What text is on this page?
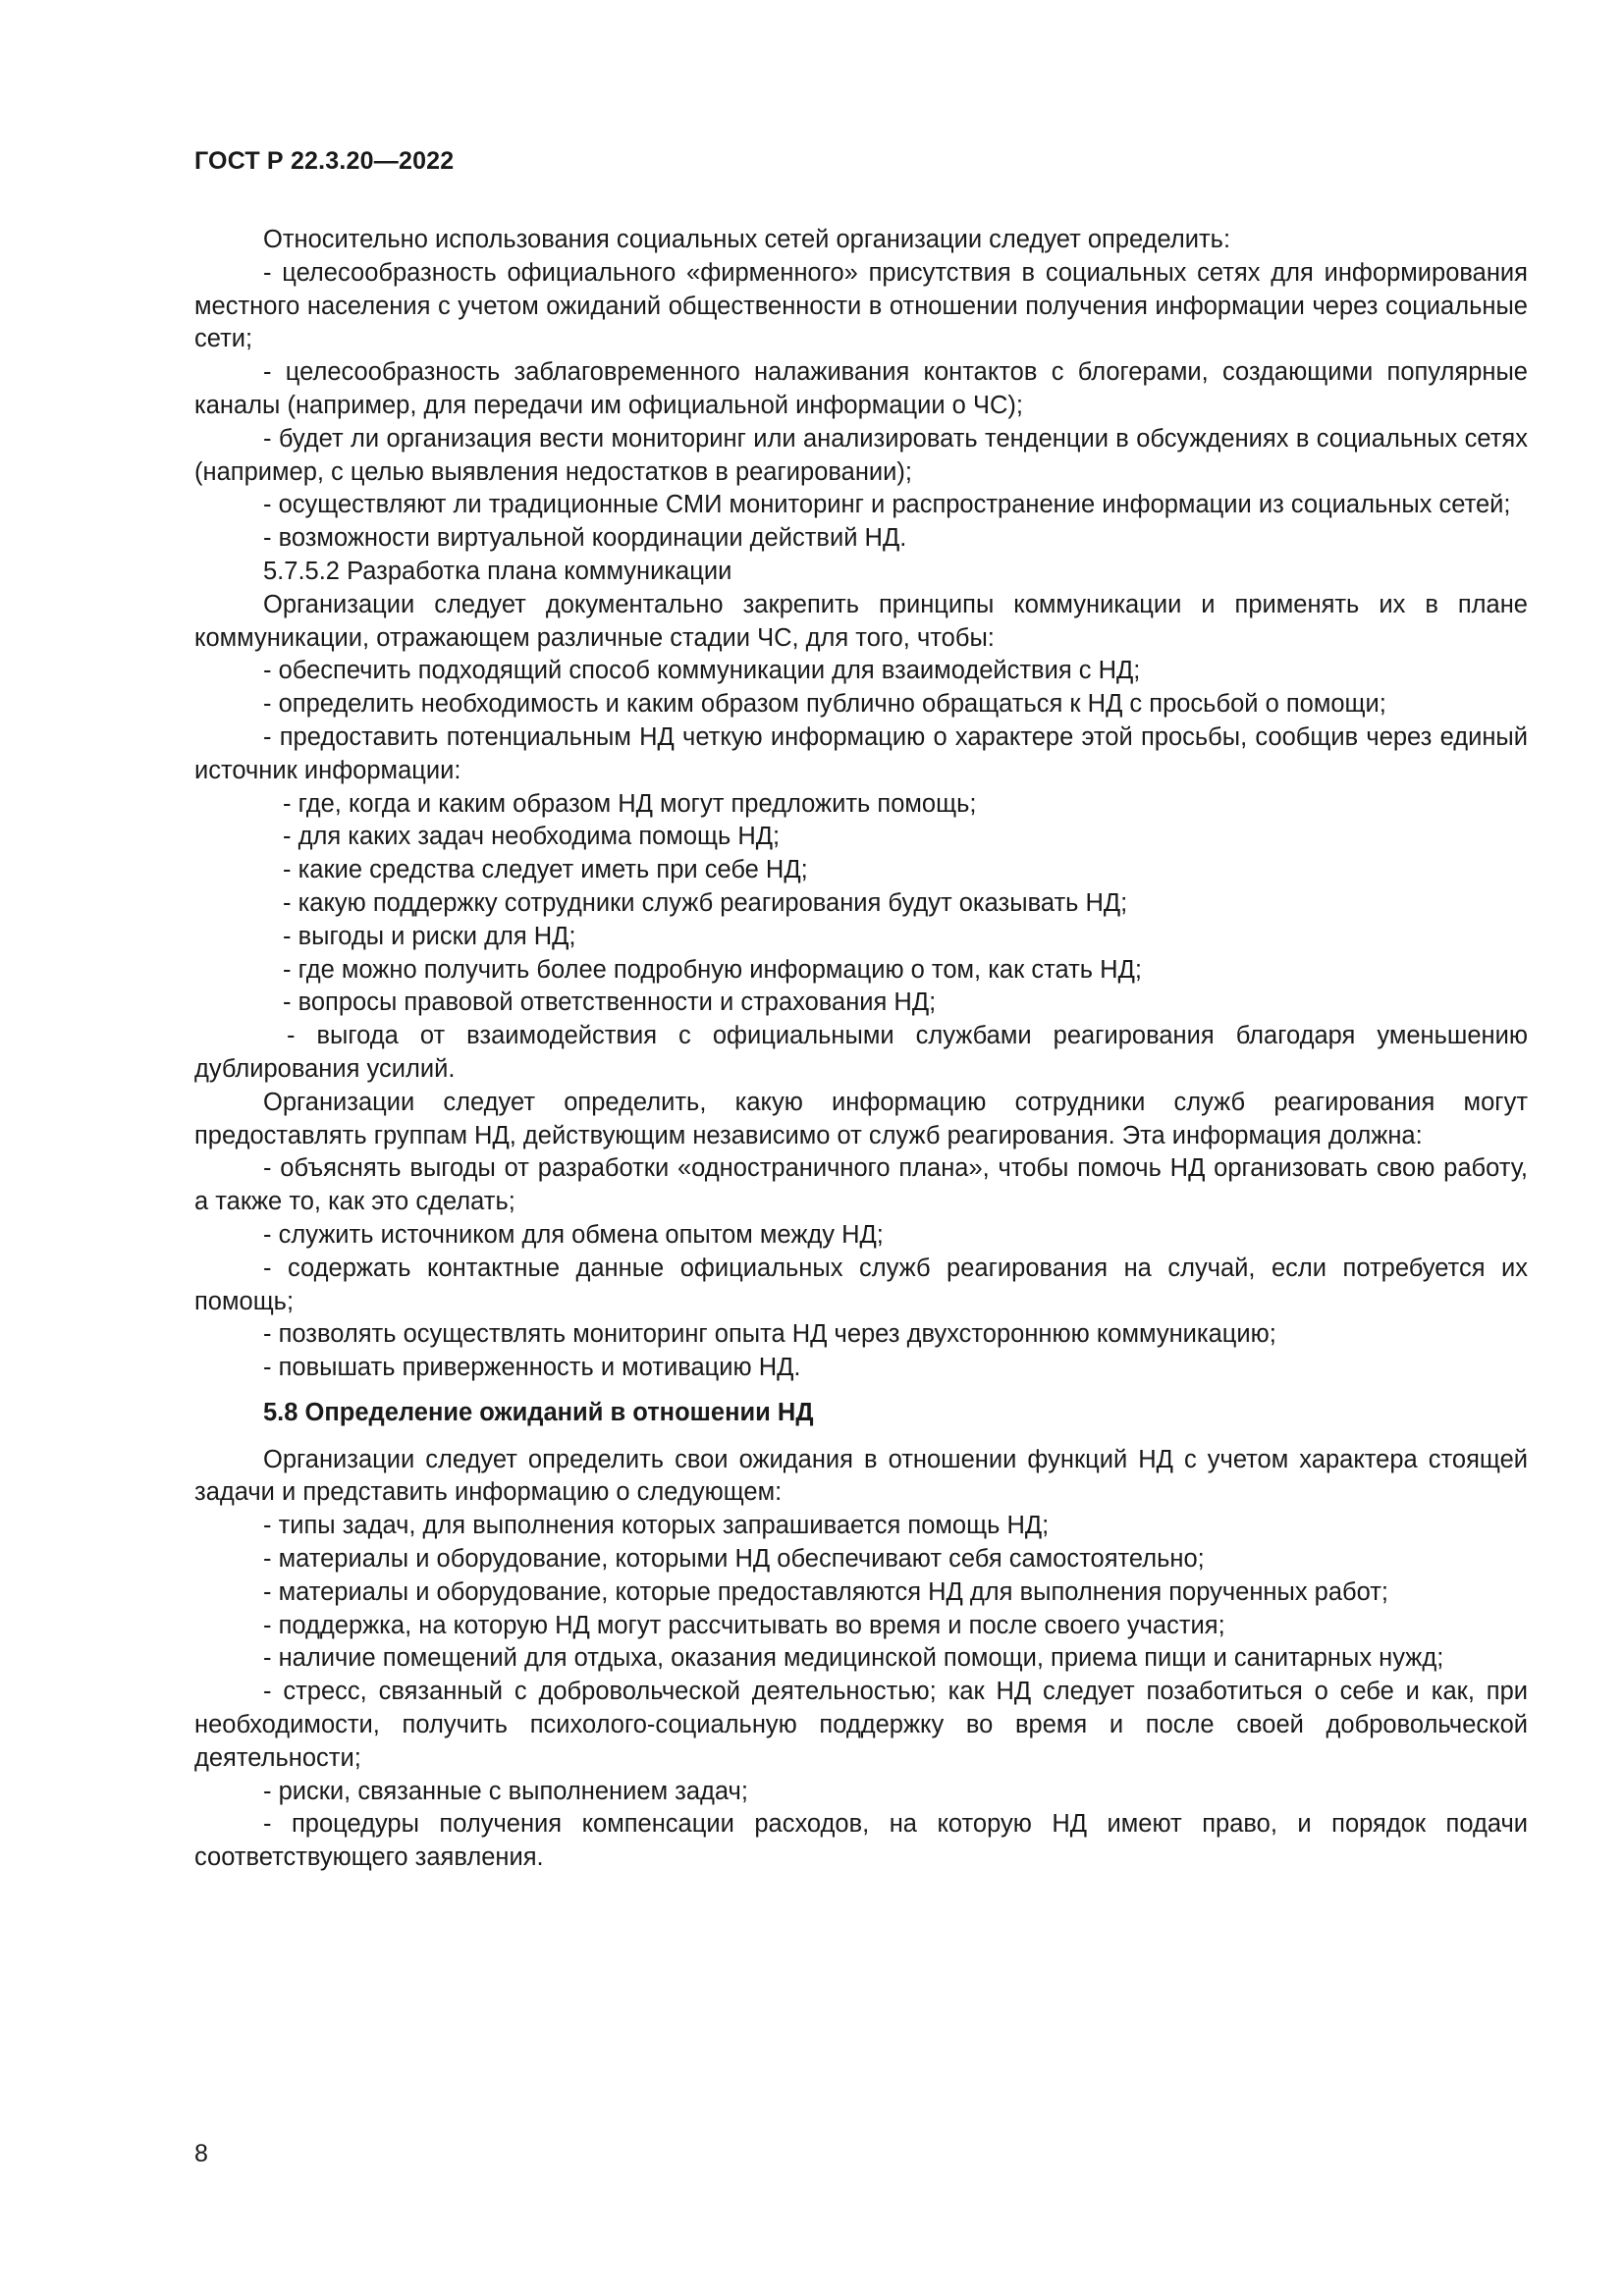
ГОСТ Р 22.3.20—2022

Относительно использования социальных сетей организации следует определить:

- целесообразность официального «фирменного» присутствия в социальных сетях для информирования местного населения с учетом ожиданий общественности в отношении получения информации через социальные сети;

- целесообразность заблаговременного налаживания контактов с блогерами, создающими популярные каналы (например, для передачи им официальной информации о ЧС);

- будет ли организация вести мониторинг или анализировать тенденции в обсуждениях в социальных сетях (например, с целью выявления недостатков в реагировании);

- осуществляют ли традиционные СМИ мониторинг и распространение информации из социальных сетей;

- возможности виртуальной координации действий НД.

5.7.5.2 Разработка плана коммуникации

Организации следует документально закрепить принципы коммуникации и применять их в плане коммуникации, отражающем различные стадии ЧС, для того, чтобы:

- обеспечить подходящий способ коммуникации для взаимодействия с НД;

- определить необходимость и каким образом публично обращаться к НД с просьбой о помощи;

- предоставить потенциальным НД четкую информацию о характере этой просьбы, сообщив через единый источник информации:

- где, когда и каким образом НД могут предложить помощь;

- для каких задач необходима помощь НД;

- какие средства следует иметь при себе НД;

- какую поддержку сотрудники служб реагирования будут оказывать НД;

- выгоды и риски для НД;

- где можно получить более подробную информацию о том, как стать НД;

- вопросы правовой ответственности и страхования НД;

- выгода от взаимодействия с официальными службами реагирования благодаря уменьшению дублирования усилий.

Организации следует определить, какую информацию сотрудники служб реагирования могут предоставлять группам НД, действующим независимо от служб реагирования. Эта информация должна:

- объяснять выгоды от разработки «одностраничного плана», чтобы помочь НД организовать свою работу, а также то, как это сделать;

- служить источником для обмена опытом между НД;

- содержать контактные данные официальных служб реагирования на случай, если потребуется их помощь;

- позволять осуществлять мониторинг опыта НД через двухстороннюю коммуникацию;

- повышать приверженность и мотивацию НД.

5.8 Определение ожиданий в отношении НД

Организации следует определить свои ожидания в отношении функций НД с учетом характера стоящей задачи и представить информацию о следующем:

- типы задач, для выполнения которых запрашивается помощь НД;

- материалы и оборудование, которыми НД обеспечивают себя самостоятельно;

- материалы и оборудование, которые предоставляются НД для выполнения порученных работ;

- поддержка, на которую НД могут рассчитывать во время и после своего участия;

- наличие помещений для отдыха, оказания медицинской помощи, приема пищи и санитарных нужд;

- стресс, связанный с добровольческой деятельностью; как НД следует позаботиться о себе и как, при необходимости, получить психолого-социальную поддержку во время и после своей добровольческой деятельности;

- риски, связанные с выполнением задач;

- процедуры получения компенсации расходов, на которую НД имеют право, и порядок подачи соответствующего заявления.

8
